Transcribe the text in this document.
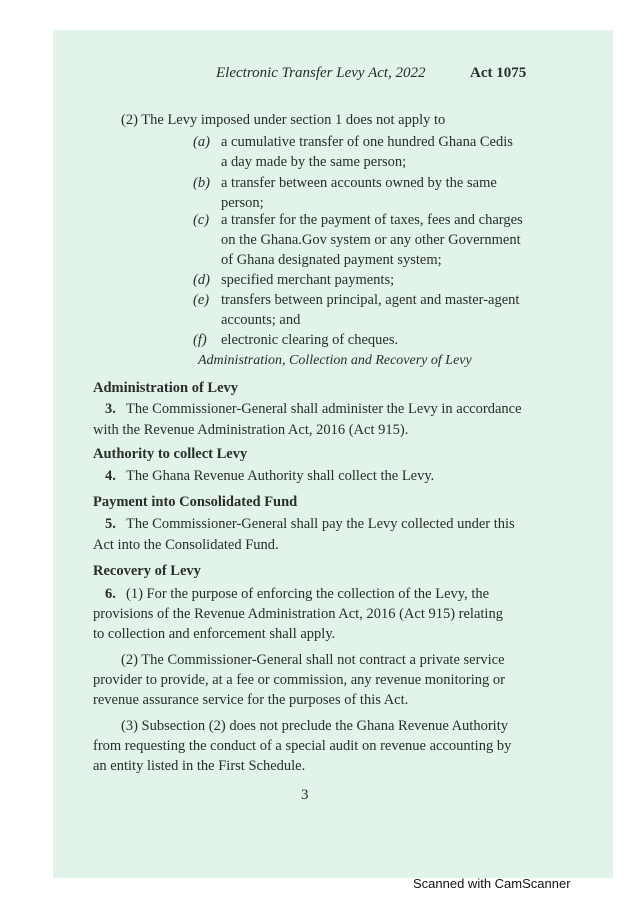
Electronic Transfer Levy Act, 2022	Act 1075
(2) The Levy imposed under section 1 does not apply to
(a) a cumulative transfer of one hundred Ghana Cedis
a day made by the same person;
(b) a transfer between accounts owned by the same
person;
(c) a transfer for the payment of taxes, fees and charges
on the Ghana.Gov system or any other Government
of Ghana designated payment system;
(d) specified merchant payments;
(e) transfers between principal, agent and master-agent
accounts; and
(f) electronic clearing of cheques.
Administration, Collection and Recovery of Levy
Administration of Levy
3. The Commissioner-General shall administer the Levy in accordance
with the Revenue Administration Act, 2016 (Act 915).
Authority to collect Levy
4. The Ghana Revenue Authority shall collect the Levy.
Payment into Consolidated Fund
5. The Commissioner-General shall pay the Levy collected under this
Act into the Consolidated Fund.
Recovery of Levy
6. (1) For the purpose of enforcing the collection of the Levy, the
provisions of the Revenue Administration Act, 2016 (Act 915) relating
to collection and enforcement shall apply.
(2) The Commissioner-General shall not contract a private service
provider to provide, at a fee or commission, any revenue monitoring or
revenue assurance service for the purposes of this Act.
(3) Subsection (2) does not preclude the Ghana Revenue Authority
from requesting the conduct of a special audit on revenue accounting by
an entity listed in the First Schedule.
3
Scanned with CamScanner
